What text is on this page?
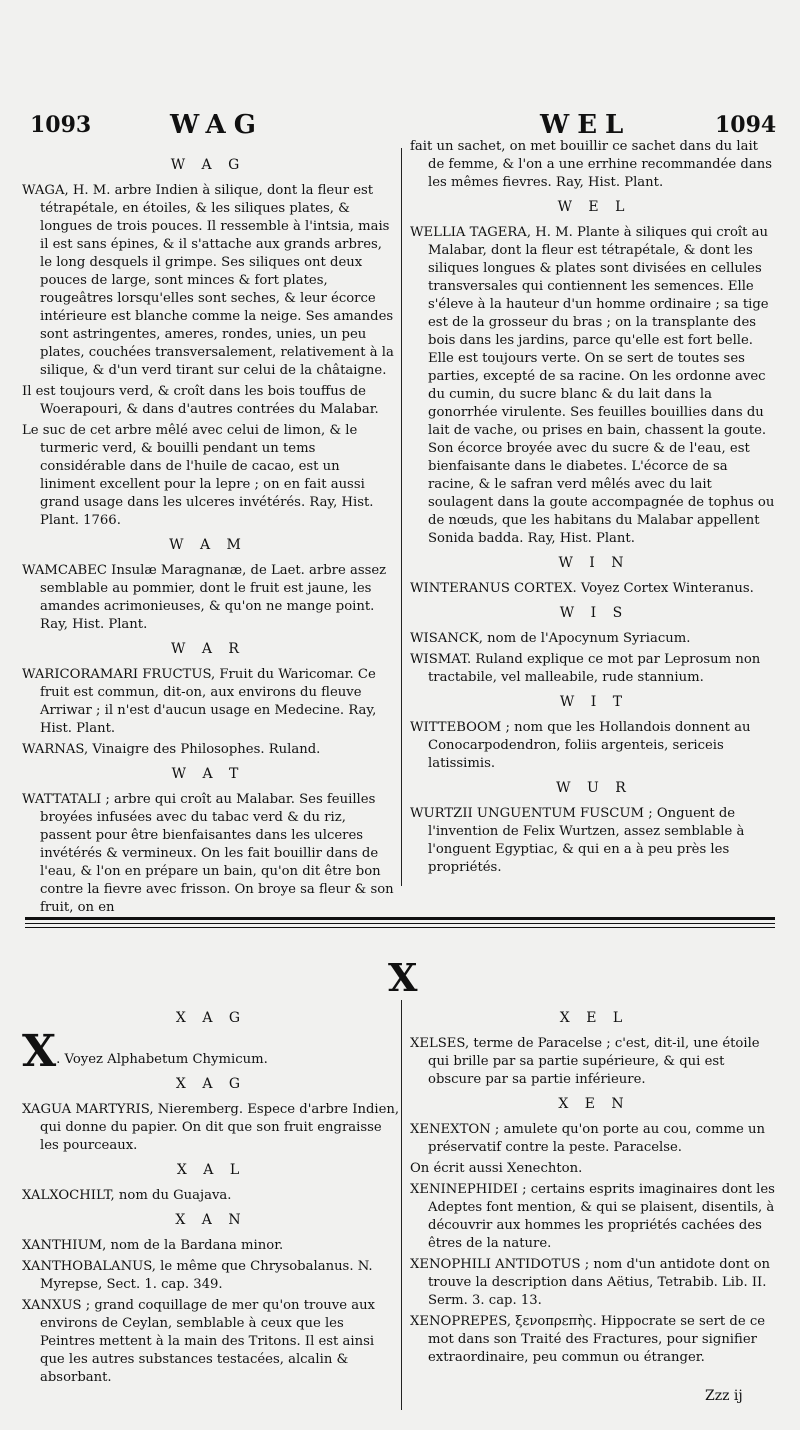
1093	WAG	WEL	1094
W A G

WAGA, H. M. arbre Indien à silique, dont la fleur est tétrapétale, en étoiles, & les siliques plates, & longues de trois pouces. Il ressemble à l'intsia, mais il est sans épines, & il s'attache aux grands arbres, le long desquels il grimpe. Ses siliques ont deux pouces de large, sont minces & fort plates, rougeâtres lorsqu'elles sont seches, & leur écorce intérieure est blanche comme la neige. Ses amandes sont astringentes, ameres, rondes, unies, un peu plates, couchées transversalement, relativement à la silique, & d'un verd tirant sur celui de la châtaigne.

Il est toujours verd, & croît dans les bois touffus de Woerapouri, & dans d'autres contrées du Malabar.

Le suc de cet arbre mêlé avec celui de limon, & le turmeric verd, & bouilli pendant un tems considérable dans de l'huile de cacao, est un liniment excellent pour la lepre ; on en fait aussi grand usage dans les ulceres invétérés. Ray, Hist. Plant. 1766.

W A M

WAMCABEC Insulæ Maragnanæ, de Laet. arbre assez semblable au pommier, dont le fruit est jaune, les amandes acrimonieuses, & qu'on ne mange point. Ray, Hist. Plant.

W A R

WARICORAMARI FRUCTUS, Fruit du Waricomar. Ce fruit est commun, dit-on, aux environs du fleuve Arriwar ; il n'est d'aucun usage en Medecine. Ray, Hist. Plant.

WARNAS, Vinaigre des Philosophes. Ruland.

W A T

WATTATALI ; arbre qui croît au Malabar. Ses feuilles broyées infusées avec du tabac verd & du riz, passent pour être bienfaisantes dans les ulceres invétérés & vermineux. On les fait bouillir dans de l'eau, & l'on en prépare un bain, qu'on dit être bon contre la fievre avec frisson. On broye sa fleur & son fruit, on en

fait un sachet, on met bouillir ce sachet dans du lait de femme, & l'on a une errhine recommandée dans les mêmes fievres. Ray, Hist. Plant.

W E L

WELLIA TAGERA, H. M. Plante à siliques qui croît au Malabar, dont la fleur est tétrapétale, & dont les siliques longues & plates sont divisées en cellules transversales qui contiennent les semences. Elle s'éleve à la hauteur d'un homme ordinaire ; sa tige est de la grosseur du bras ; on la transplante des bois dans les jardins, parce qu'elle est fort belle. Elle est toujours verte. On se sert de toutes ses parties, excepté de sa racine. On les ordonne avec du cumin, du sucre blanc & du lait dans la gonorrhée virulente. Ses feuilles bouillies dans du lait de vache, ou prises en bain, chassent la goute. Son écorce broyée avec du sucre & de l'eau, est bienfaisante dans le diabetes. L'écorce de sa racine, & le safran verd mêlés avec du lait soulagent dans la goute accompagnée de tophus ou de nœuds, que les habitans du Malabar appellent Sonida badda. Ray, Hist. Plant.

W I N

WINTERANUS CORTEX. Voyez Cortex Winteranus.

W I S

WISANCK, nom de l'Apocynum Syriacum.

WISMAT. Ruland explique ce mot par Leprosum non tractabile, vel malleabile, rude stannium.

W I T

WITTEBOOM ; nom que les Hollandois donnent au Conocarpodendron, foliis argenteis, sericeis latissimis.

W U R

WURTZII UNGUENTUM FUSCUM ; Onguent de l'invention de Felix Wurtzen, assez semblable à l'onguent Egyptiac, & qui en a à peu près les propriétés.

X
X A G
X . Voyez Alphabetum Chymicum.
X A G

XAGUA MARTYRIS, Nieremberg. Espece d'arbre Indien, qui donne du papier. On dit que son fruit engraisse les pourceaux.

X A L

XALXOCHILT, nom du Guajava.

X A N

XANTHIUM, nom de la Bardana minor.

XANTHOBALANUS, le même que Chrysobalanus. N. Myrepse, Sect. 1. cap. 349.

XANXUS ; grand coquillage de mer qu'on trouve aux environs de Ceylan, semblable à ceux que les Peintres mettent à la main des Tritons. Il est ainsi que les autres substances testacées, alcalin & absorbant.

X E L

XELSES, terme de Paracelse ; c'est, dit-il, une étoile qui brille par sa partie supérieure, & qui est obscure par sa partie inférieure.

X E N

XENEXTON ; amulete qu'on porte au cou, comme un préservatif contre la peste. Paracelse.

On écrit aussi Xenechton.

XENINEPHIDEI ; certains esprits imaginaires dont les Adeptes font mention, & qui se plaisent, disentils, à découvrir aux hommes les propriétés cachées des êtres de la nature.

XENOPHILI ANTIDOTUS ; nom d'un antidote dont on trouve la description dans Aëtius, Tetrabib. Lib. II. Serm. 3. cap. 13.

XENOPREPES, ξενοπρεπὴς. Hippocrate se sert de ce mot dans son Traité des Fractures, pour signifier extraordinaire, peu commun ou étranger.

Zzz ij
